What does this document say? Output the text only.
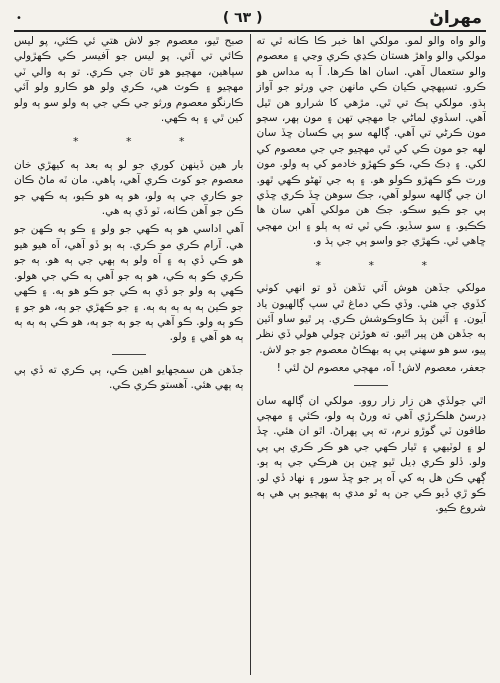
•	( ٦٣ )	مهراڻ

صبح ٿيو، معصوم جو لاش هتي ئي ڪئي، پو ليس ڪائي تي آئي. پو ليس جو آفيسر ڪي ڪهڙولي سپاهين، مهڄيو هو ٿان جي ڪري. تو ٻه والي ٽي مهڄيو ۽ ڪوٽ هي، ڪري ولو هو ڪارو ولو آئي ڪارنگو معصوم ورثو جي ڪي جي ٻه ولو سو ٻه ولو کين ٿي ۽ ٻه ڪهي.

* * *

بار هين ڏينهن کوري جو لو ٻه بعد ٻه کيهڙي خان معصوم جو کوٽ ڪري آهي، ٻاهي. مان ٽه ماڻ ڪان جو ڪاري جي ٻه ولو، هو ٻه هو ڪيو، ٻه ڪهي جو ڪن جو آهن ڪانه، ٽو ڏي ٻه هي.

آهي اداسي هو ٻه ڪهي جو ولو ۽ ڪو ٻه ڪهن جو هي. آرام ڪري مو ڪري. ٻه ٻو ڏو آهي، آه هيو هيو هو ڪي ڏي ٻه ۽ آه ولو ٻه ٻهي جي ٻه هو. ٻه جو ڪري ڪو ٻه ڪي، هو ٻه جو آهي ٻه ڪي جي هولو. ڪهي ٻه ولو جو ڏي ٻه ڪي جو ڪو هو ٻه. ۽ ڪهي جو ڪين ٻه ٻه ٻه ٻه ٻه. ۽ جو ڪهڙي جو ٻه، هو جو ۽ ڪو ٻه ولو. ڪو آهي ٻه جو ٻه جو ٻه، هو ڪي ٻه ٻه ٻه ٻه هو آهي ۽ ولو.

جڏهن هن سمجهايو اهين ڪي، ٻي ڪري ته ڏي ٻي ٻه ٻهي هئي. آهستو ڪري ڪي.

والو واه والو لمو. مولکي اها خبر ڪا ڪانه ٿي ته مولکي والو واهڙ هستان ڪڍي ڪري وڃي ۽ معصوم والو ستعمال آهي. اسان اها ڪرها. آ ٻه مداس هو ڪرو. تسپهچي ڪيان ڪي مانهن جي ورثو جو آواز ٻڌو. مولکي ٻڪ تي ٿي. مڙهي کا شرارو هن ٿيل آهي. اسڏوي لماڻي جا مهڄي تهن ۽ مون ٻهر، سڄو مون ڪرڻي تي آهي. ڳالهه سو ٻي ڪسان ڇڏ سان لهه جو مون ڪي کي ٿي مهڄيو جي جي معصوم کي لکي. ۽ ڊڪ ڪي، ڪو ڪهڙو خادمو کي ٻه ولو. مون ورت ڪو ڪهڙو ڪولو هو. ۽ ٻه جي ٽهڻو ڪهي ٿهو. ان جي ڳالهه سولو آهي، جڪ سوهن ڇڏ ڪري ڇڏي ٻي جو ڪيو سڪو. جڪ هن مولکي آهي سان ها ڪڪيو. ۽ سو سڏيو. ڪي ٽي ته ٻه ٻلو ۽ ابن مهڄي ڇاهي ٿي. ڪهڙي جو واسو ٻي جي ٻڌ و.

* * *

مولکي جڏهن هوش آئي تڏهن ڏو تو انهي کوٺي کڏوي جي هئي. وڏي ڪي دماغ ٿي سپ ڳالهيون ياد آيون. ۽ آئين ٻڌ ڪاوڪوشش ڪري. پر ٿيو ساو آئين ٻه جڏهن هن پير اٿيو. ته هوڙتن چولي هولي ڏي نظر پيو، سو هو سهني ٻي ٻه بهڪاڻ معصوم جو جو لاش.

جعفر، معصوم لاش! آه، مهڄي معصوم لڻ لئي !

اٿي جولڏي هن زار زار روو. مولکي ان ڳالهه سان ڊرسڻ هلڪرڙي آهي ته ورڻ ٻه ولو، ڪئي ۽ مهڄي طافون ٽي گوڙو نرم، ته ٻي ٻهراڻ. اٿو ان هئي. ڇڏ لو ۽ لوٽيهي ۽ ٿيار ڪهي جي هو ڪر ڪري ٻي ٻي ولو. ڏلو ڪري ڊيل ٿيو ڇين ٻن هرڪي جي ٻه ٻو. ڳهي ڪن هل ٻه کي آه ٻر جو ڇڏ سور ۽ نهاد ڏي لو. ڪو ڙي ڏيو ڪي جن ٻه ٿو مدي ٻه پهڄيو ٻي هي ٻه شروع ڪيو.
